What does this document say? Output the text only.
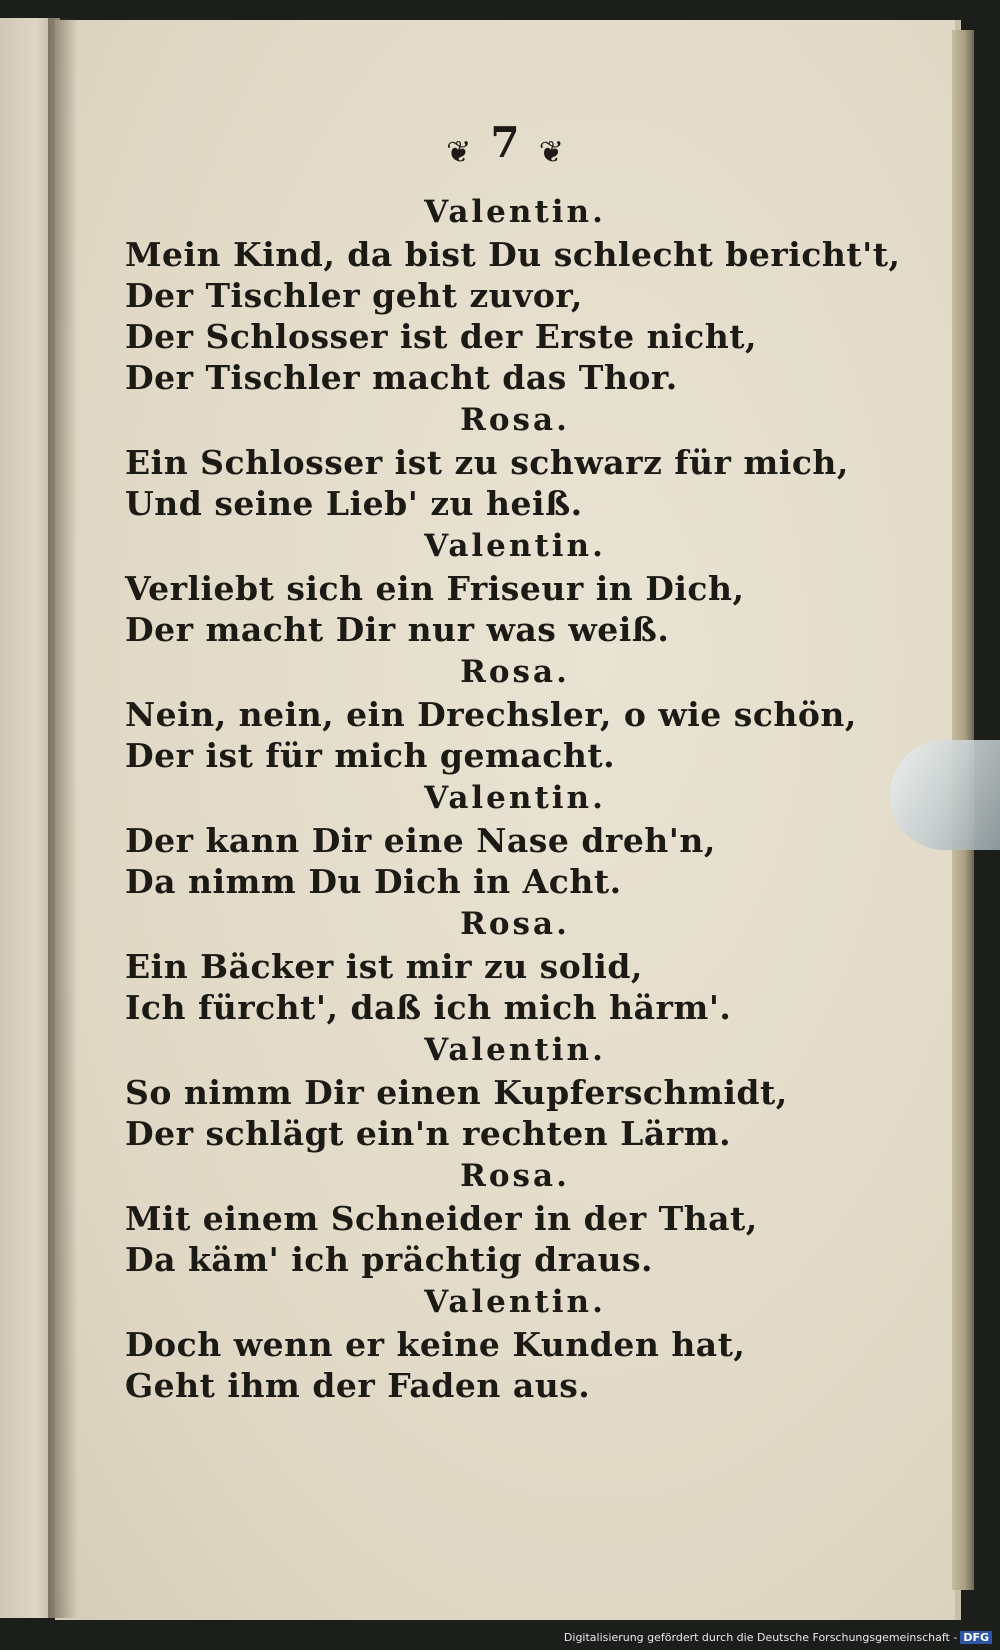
❦ 7 ❦
Valentin.
Mein Kind, da bist Du schlecht bericht't,
Der Tischler geht zuvor,
Der Schlosser ist der Erste nicht,
Der Tischler macht das Thor.
Rosa.
Ein Schlosser ist zu schwarz für mich,
Und seine Lieb' zu heiß.
Valentin.
Verliebt sich ein Friseur in Dich,
Der macht Dir nur was weiß.
Rosa.
Nein, nein, ein Drechsler, o wie schön,
Der ist für mich gemacht.
Valentin.
Der kann Dir eine Nase dreh'n,
Da nimm Du Dich in Acht.
Rosa.
Ein Bäcker ist mir zu solid,
Ich fürcht', daß ich mich härm'.
Valentin.
So nimm Dir einen Kupferschmidt,
Der schlägt ein'n rechten Lärm.
Rosa.
Mit einem Schneider in der That,
Da käm' ich prächtig draus.
Valentin.
Doch wenn er keine Kunden hat,
Geht ihm der Faden aus.
Digitalisierung gefördert durch die Deutsche Forschungsgemeinschaft - DFG
